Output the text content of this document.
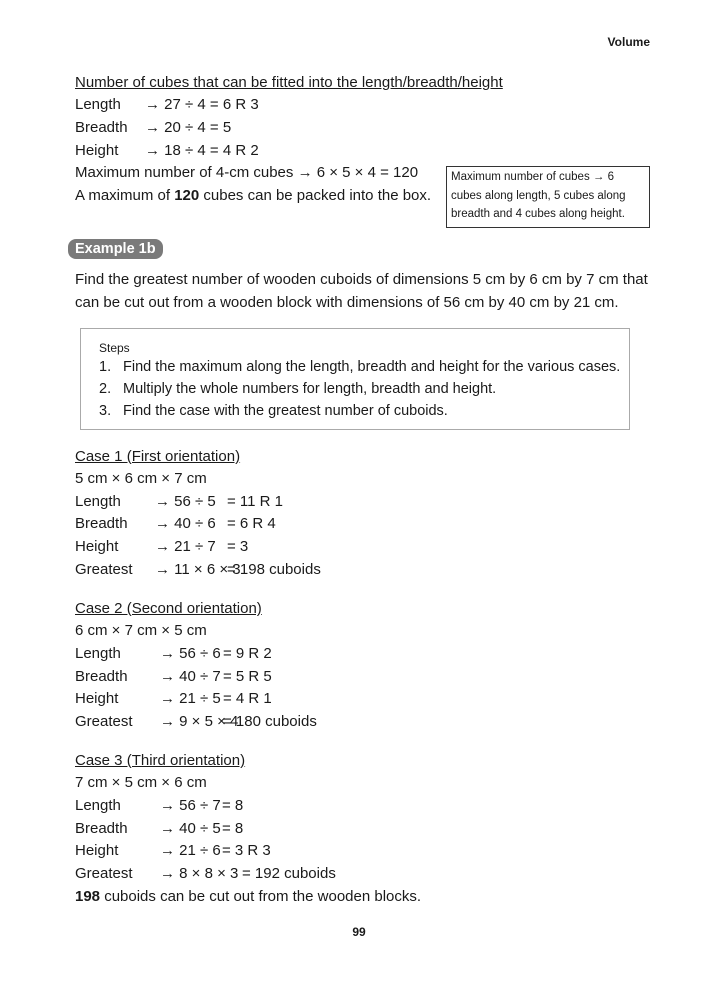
Volume
Number of cubes that can be fitted into the length/breadth/height
Length → 27 ÷ 4 = 6 R 3
Breadth → 20 ÷ 4 = 5
Height → 18 ÷ 4 = 4 R 2
Maximum number of 4-cm cubes → 6 × 5 × 4 = 120
A maximum of 120 cubes can be packed into the box.
Maximum number of cubes → 6 cubes along length, 5 cubes along breadth and 4 cubes along height.
Example 1b
Find the greatest number of wooden cuboids of dimensions 5 cm by 6 cm by 7 cm that
can be cut out from a wooden block with dimensions of 56 cm by 40 cm by 21 cm.
Steps
1. Find the maximum along the length, breadth and height for the various cases.
2. Multiply the whole numbers for length, breadth and height.
3. Find the case with the greatest number of cuboids.
Case 1 (First orientation)
5 cm × 6 cm × 7 cm
Length → 56 ÷ 5 = 11 R 1
Breadth → 40 ÷ 6 = 6 R 4
Height → 21 ÷ 7 = 3
Greatest → 11 × 6 × 3= 198 cuboids
Case 2 (Second orientation)
6 cm × 7 cm × 5 cm
Length	→ 56 ÷ 6 = 9 R 2
Breadth → 40 ÷ 7 = 5 R 5
Height	→ 21 ÷ 5 = 4 R 1
Greatest → 9 × 5 × 4= 180 cuboids
Case 3 (Third orientation)
7 cm × 5 cm × 6 cm
Length	→ 56 ÷ 7= 8
Breadth → 40 ÷ 5= 8
Height	→ 21 ÷ 6= 3 R 3
Greatest → 8 × 8 × 3 = 192 cuboids
198 cuboids can be cut out from the wooden blocks.
99
